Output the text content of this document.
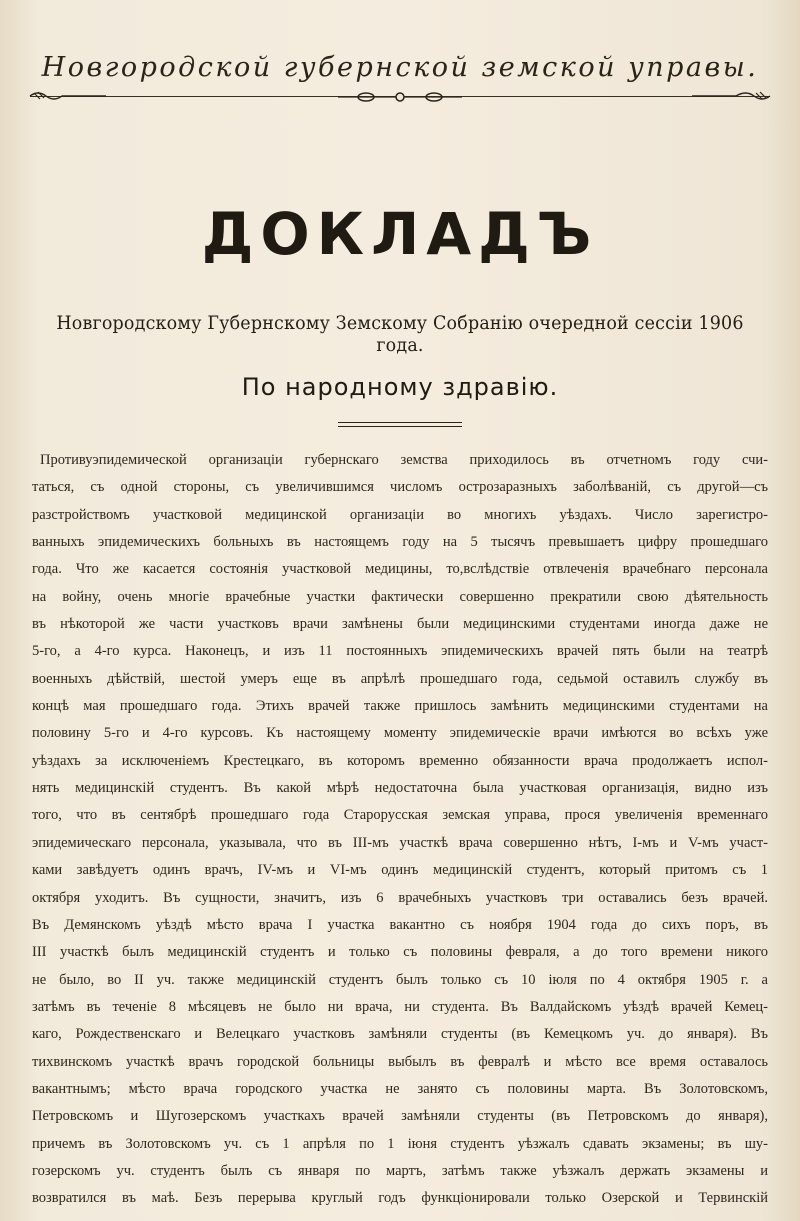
Новгородской губернской земской управы.
ДОКЛАДЪ
Новгородскому Губернскому Земскому Собранію очередной сессіи 1906 года.
По народному здравію.
Противуэпидемической организаціи губернскаго земства приходилось въ отчетномъ году счи-
таться, съ одной стороны, съ увеличившимся числомъ острозаразныхъ заболѣваній, съ другой—съ
разстройствомъ участковой медицинской организаціи во многихъ уѣздахъ. Число зарегистро-
ванныхъ эпидемическихъ больныхъ въ настоящемъ году на 5 тысячъ превышаетъ цифру прошедшаго
года. Что же касается состоянія участковой медицины, то,вслѣдствіе отвлеченія врачебнаго персонала
на войну, очень многіе врачебные участки фактически совершенно прекратили свою дѣятельность
въ нѣкоторой же части участковъ врачи замѣнены были медицинскими студентами иногда даже не
5-го, а 4-го курса. Наконецъ, и изъ 11 постоянныхъ эпидемическихъ врачей пять были на театрѣ
военныхъ дѣйствій, шестой умеръ еще въ апрѣлѣ прошедшаго года, седьмой оставилъ службу въ
концѣ мая прошедшаго года. Этихъ врачей также пришлось замѣнить медицинскими студентами на
половину 5-го и 4-го курсовъ. Къ настоящему моменту эпидемическіе врачи имѣются во всѣхъ уже
уѣздахъ за исключеніемъ Крестецкаго, въ которомъ временно обязанности врача продолжаетъ испол-
нять медицинскій студентъ. Въ какой мѣрѣ недостаточна была участковая организація, видно изъ
того, что въ сентябрѣ прошедшаго года Старорусская земская управа, прося увеличенія временнаго
эпидемическаго персонала, указывала, что въ III-мъ участкѣ врача совершенно нѣтъ, I-мъ и V-мъ участ-
ками завѣдуетъ одинъ врачъ, IV-мъ и VI-мъ одинъ медицинскій студентъ, который притомъ съ 1
октября уходитъ. Въ сущности, значитъ, изъ 6 врачебныхъ участковъ три оставались безъ врачей.
Въ Демянскомъ уѣздѣ мѣсто врача I участка вакантно съ ноября 1904 года до сихъ поръ, въ
III участкѣ былъ медицинскій студентъ и только съ половины февраля, а до того времени никого
не было, во II уч. также медицинскій студентъ былъ только съ 10 іюля по 4 октября 1905 г. а
затѣмъ въ теченіе 8 мѣсяцевъ не было ни врача, ни студента. Въ Валдайскомъ уѣздѣ врачей Кемец-
каго, Рождественскаго и Велецкаго участковъ замѣняли студенты (въ Кемецкомъ уч. до января). Въ
тихвинскомъ участкѣ врачъ городской больницы выбылъ въ февралѣ и мѣсто все время оставалось
вакантнымъ; мѣсто врача городского участка не занято съ половины марта. Въ Золотовскомъ,
Петровскомъ и Шугозерскомъ участкахъ врачей замѣняли студенты (въ Петровскомъ до января),
причемъ въ Золотовскомъ уч. съ 1 апрѣля по 1 іюня студентъ уѣзжалъ сдавать экзамены; въ шу-
гозерскомъ уч. студентъ былъ съ января по мартъ, затѣмъ также уѣзжалъ держать экзамены и
возвратился въ маѣ. Безъ перерыва круглый годъ функціонировали только Озерской и Тервинскій
